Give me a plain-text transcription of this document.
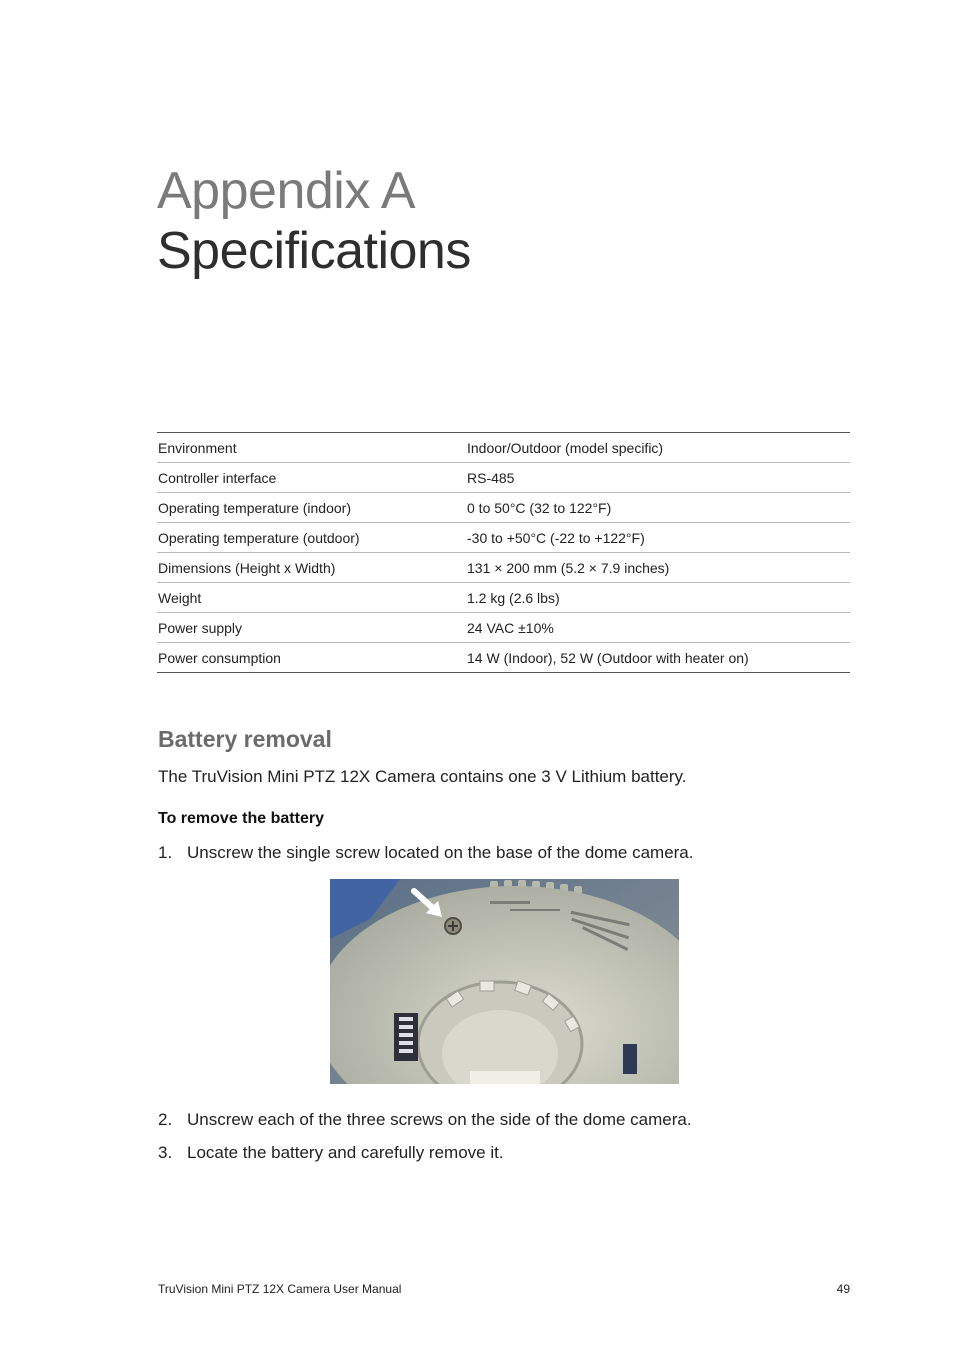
Appendix A
Specifications
Environment	Indoor/Outdoor (model specific)
Controller interface	RS-485
Operating temperature (indoor)	0 to 50°C (32 to 122°F)
Operating temperature (outdoor)	-30 to +50°C (-22 to +122°F)
Dimensions (Height x Width)	131 × 200 mm (5.2 × 7.9 inches)
Weight	1.2 kg (2.6 lbs)
Power supply	24 VAC ±10%
Power consumption	14 W (Indoor), 52 W (Outdoor with heater on)
Battery removal
The TruVision Mini PTZ 12X Camera contains one 3 V Lithium battery.
To remove the battery
1. Unscrew the single screw located on the base of the dome camera.
2. Unscrew each of the three screws on the side of the dome camera.
3. Locate the battery and carefully remove it.
TruVision Mini PTZ 12X Camera User Manual	49
